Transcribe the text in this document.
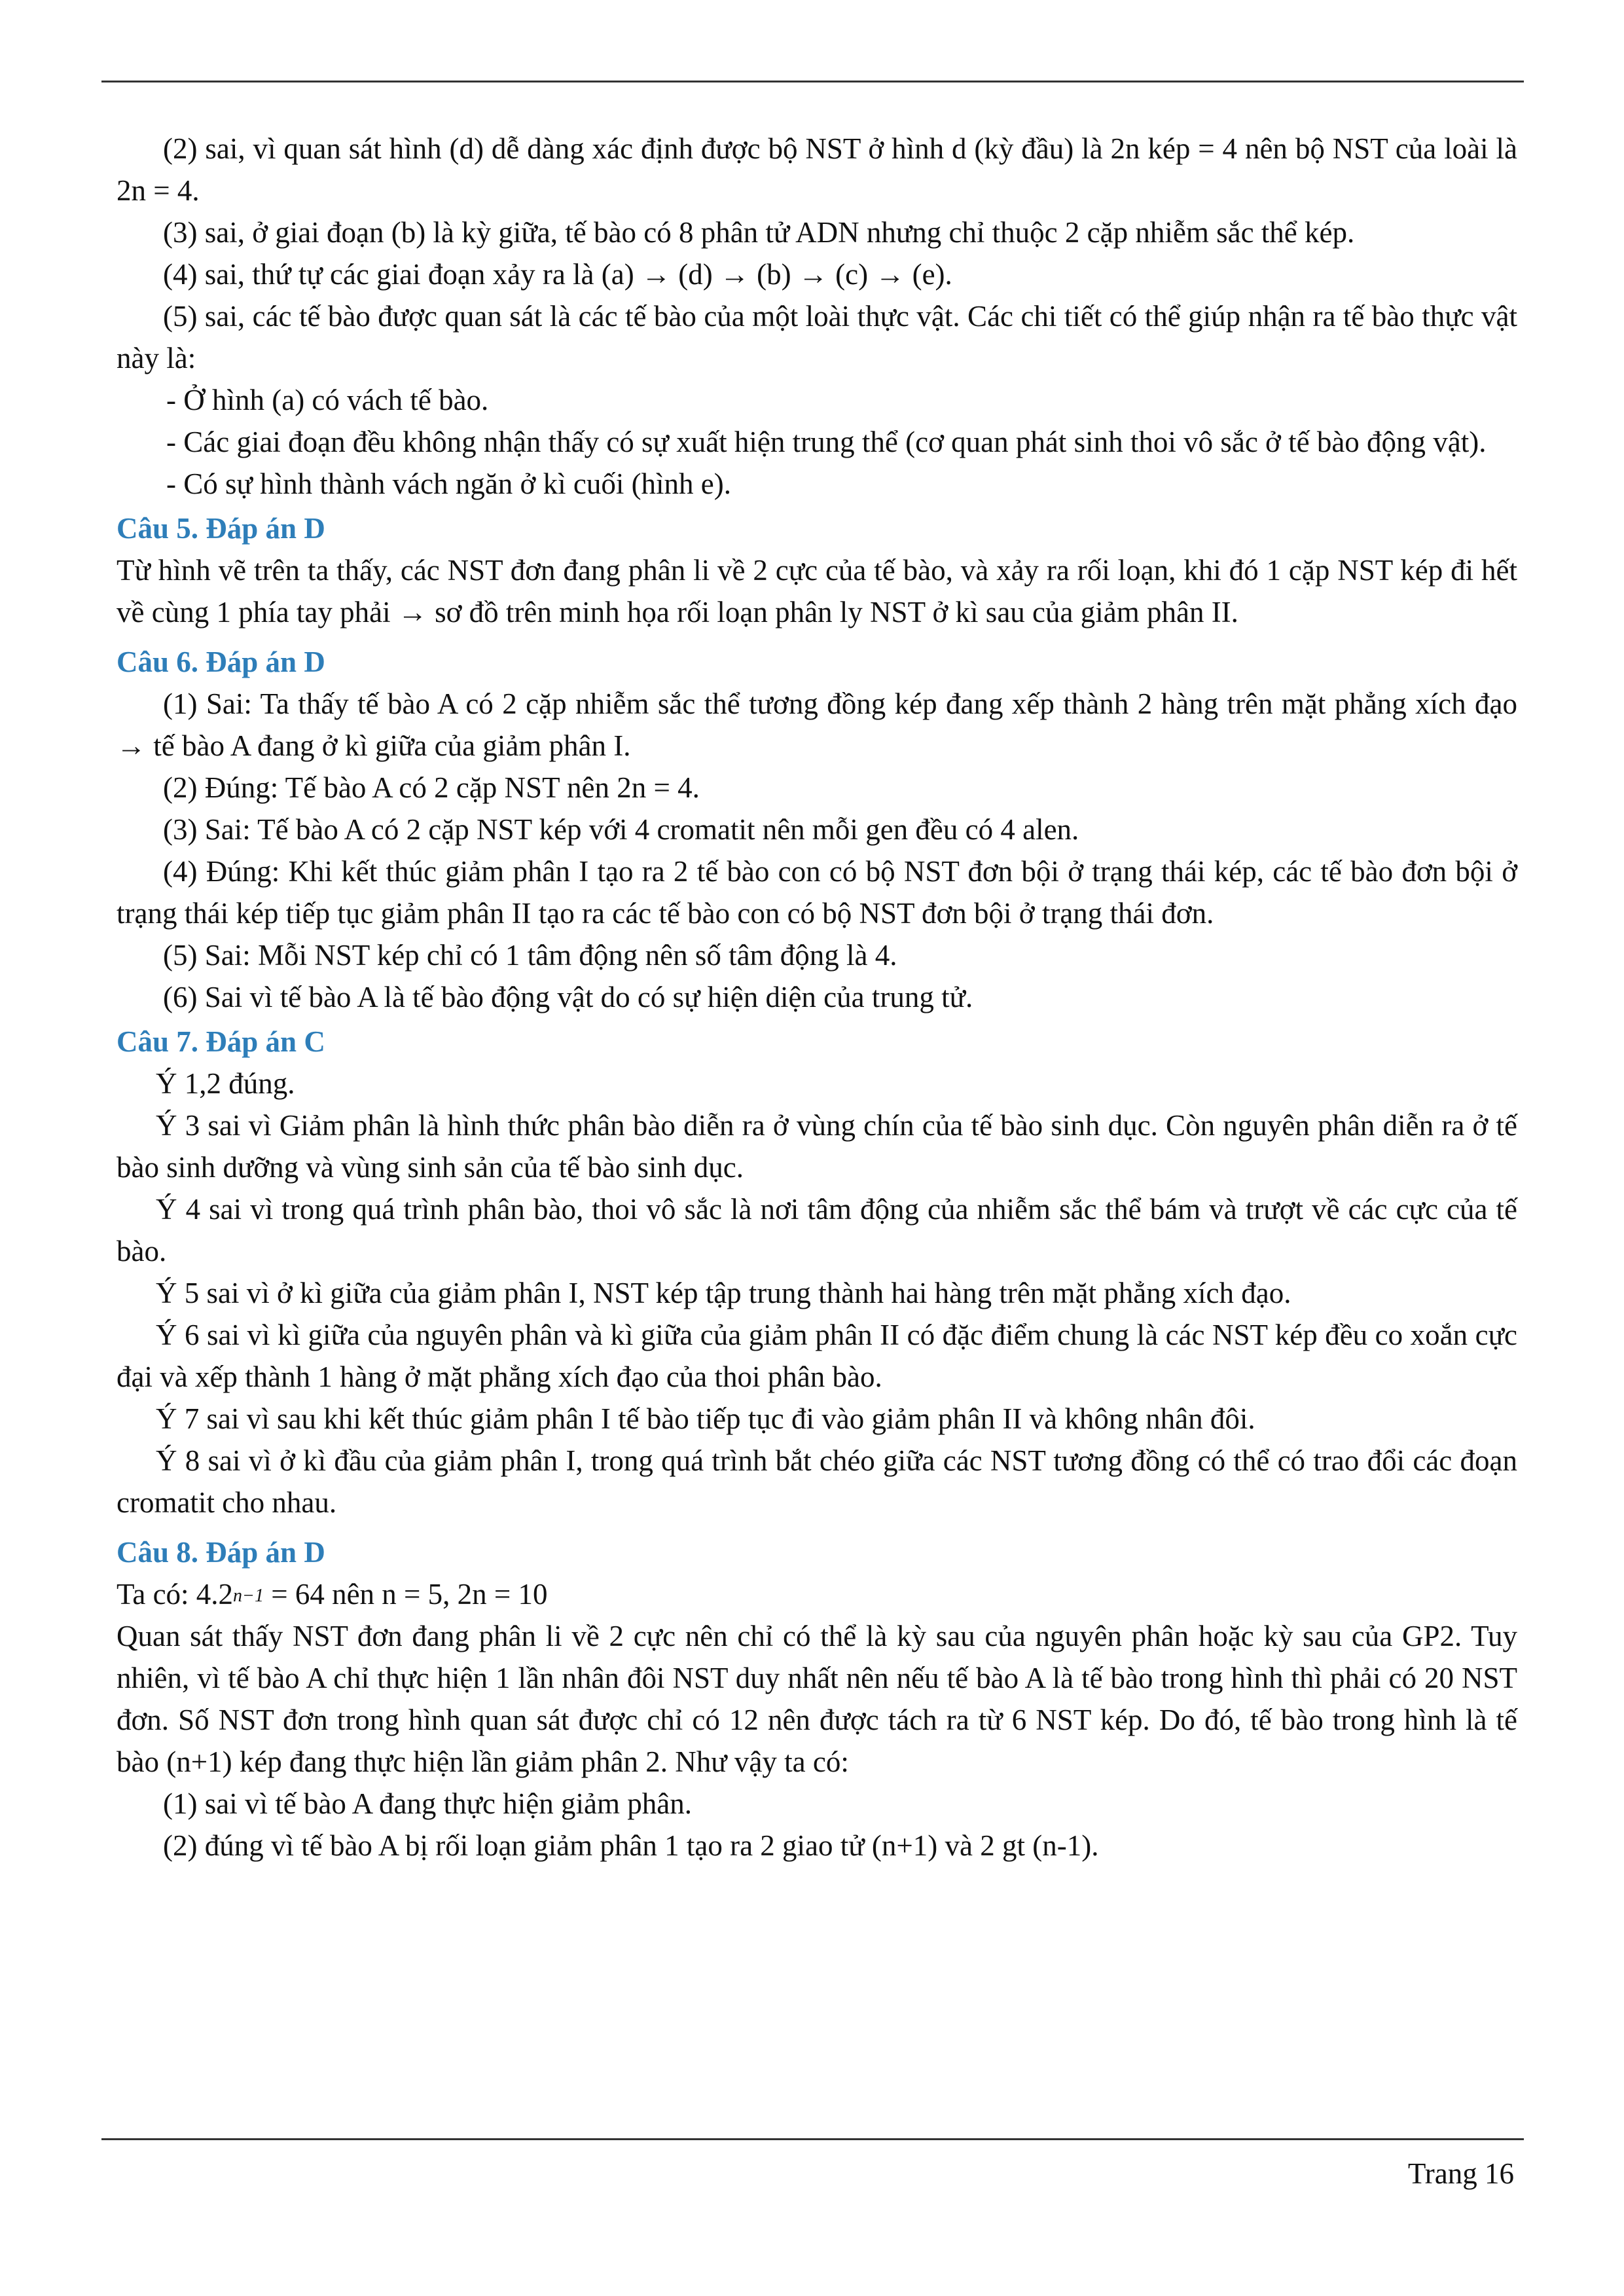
(2) sai, vì quan sát hình (d) dễ dàng xác định được bộ NST ở hình d (kỳ đầu) là 2n kép = 4 nên bộ NST của loài là 2n = 4.

(3) sai, ở giai đoạn (b) là kỳ giữa, tế bào có 8 phân tử ADN nhưng chỉ thuộc 2 cặp nhiễm sắc thể kép.

(4) sai, thứ tự các giai đoạn xảy ra là (a) → (d) → (b) → (c) → (e).

(5) sai, các tế bào được quan sát là các tế bào của một loài thực vật. Các chi tiết có thể giúp nhận ra tế bào thực vật này là:

- Ở hình (a) có vách tế bào.

- Các giai đoạn đều không nhận thấy có sự xuất hiện trung thể (cơ quan phát sinh thoi vô sắc ở tế bào động vật).

- Có sự hình thành vách ngăn ở kì cuối (hình e).

Câu 5. Đáp án D

Từ hình vẽ trên ta thấy, các NST đơn đang phân li về 2 cực của tế bào, và xảy ra rối loạn, khi đó 1 cặp NST kép đi hết về cùng 1 phía tay phải → sơ đồ trên minh họa rối loạn phân ly NST ở kì sau của giảm phân II.

Câu 6. Đáp án D

(1) Sai: Ta thấy tế bào A có 2 cặp nhiễm sắc thể tương đồng kép đang xếp thành 2 hàng trên mặt phẳng xích đạo → tế bào A đang ở kì giữa của giảm phân I.

(2) Đúng: Tế bào A có 2 cặp NST nên 2n = 4.

(3) Sai: Tế bào A có 2 cặp NST kép với 4 cromatit nên mỗi gen đều có 4 alen.

(4) Đúng: Khi kết thúc giảm phân I tạo ra 2 tế bào con có bộ NST đơn bội ở trạng thái kép, các tế bào đơn bội ở trạng thái kép tiếp tục giảm phân II tạo ra các tế bào con có bộ NST đơn bội ở trạng thái đơn.

(5) Sai: Mỗi NST kép chỉ có 1 tâm động nên số tâm động là 4.

(6) Sai vì tế bào A là tế bào động vật do có sự hiện diện của trung tử.

Câu 7. Đáp án C

Ý 1,2 đúng.

Ý 3 sai vì Giảm phân là hình thức phân bào diễn ra ở vùng chín của tế bào sinh dục. Còn nguyên phân diễn ra ở tế bào sinh dưỡng và vùng sinh sản của tế bào sinh dục.

Ý 4 sai vì trong quá trình phân bào, thoi vô sắc là nơi tâm động của nhiễm sắc thể bám và trượt về các cực của tế bào.

Ý 5 sai vì ở kì giữa của giảm phân I, NST kép tập trung thành hai hàng trên mặt phẳng xích đạo.

Ý 6 sai vì kì giữa của nguyên phân và kì giữa của giảm phân II có đặc điểm chung là các NST kép đều co xoắn cực đại và xếp thành 1 hàng ở mặt phẳng xích đạo của thoi phân bào.

Ý 7 sai vì sau khi kết thúc giảm phân I tế bào tiếp tục đi vào giảm phân II và không nhân đôi.

Ý 8 sai vì ở kì đầu của giảm phân I, trong quá trình bắt chéo giữa các NST tương đồng có thể có trao đổi các đoạn cromatit cho nhau.

Câu 8. Đáp án D

Ta có: $4.2^{n-1} = 64$ nên n = 5, 2n = 10

Quan sát thấy NST đơn đang phân li về 2 cực nên chỉ có thể là kỳ sau của nguyên phân hoặc kỳ sau của GP2. Tuy nhiên, vì tế bào A chỉ thực hiện 1 lần nhân đôi NST duy nhất nên nếu tế bào A là tế bào trong hình thì phải có 20 NST đơn. Số NST đơn trong hình quan sát được chỉ có 12 nên được tách ra từ 6 NST kép. Do đó, tế bào trong hình là tế bào (n+1) kép đang thực hiện lần giảm phân 2. Như vậy ta có:

(1) sai vì tế bào A đang thực hiện giảm phân.

(2) đúng vì tế bào A bị rối loạn giảm phân 1 tạo ra 2 giao tử (n+1) và 2 gt (n-1).

Trang 16
